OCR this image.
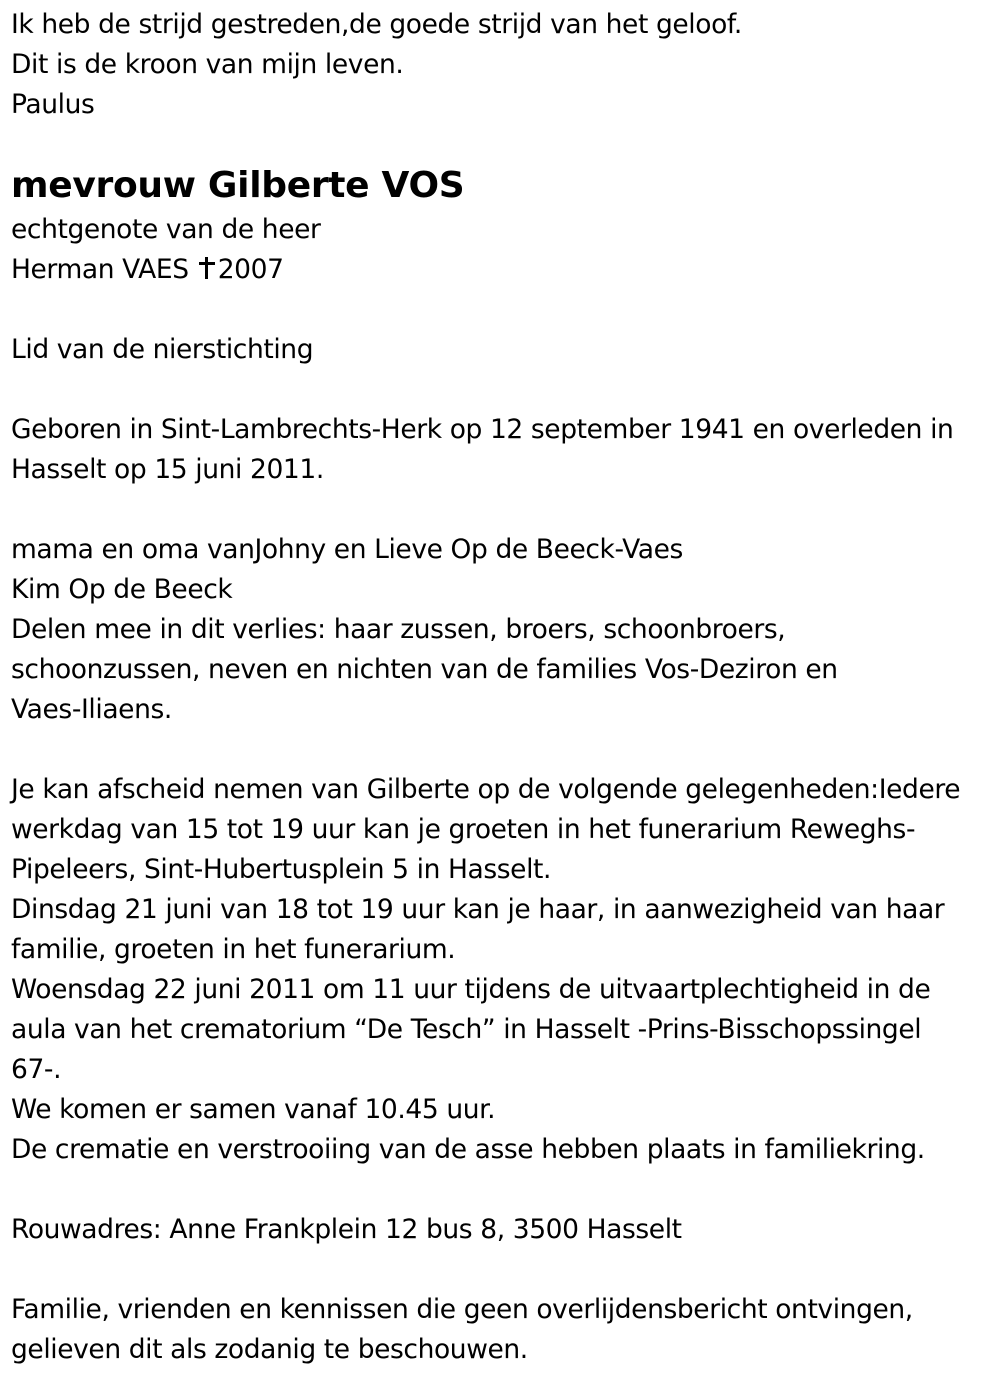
Ik heb de strijd gestreden,de goede strijd van het geloof.
Dit is de kroon van mijn leven.
Paulus
mevrouw Gilberte VOS
echtgenote van de heer
Herman VAES 2007
Lid van de nierstichting
Geboren in Sint-Lambrechts-Herk op 12 september 1941 en overleden in
Hasselt op 15 juni 2011.
mama en oma vanJohny en Lieve Op de Beeck-Vaes
Kim Op de Beeck
Delen mee in dit verlies: haar zussen, broers, schoonbroers,
schoonzussen, neven en nichten van de families Vos-Deziron en
Vaes-Iliaens.
Je kan afscheid nemen van Gilberte op de volgende gelegenheden:Iedere
werkdag van 15 tot 19 uur kan je groeten in het funerarium Reweghs-
Pipeleers, Sint-Hubertusplein 5 in Hasselt.
Dinsdag 21 juni van 18 tot 19 uur kan je haar, in aanwezigheid van haar
familie, groeten in het funerarium.
Woensdag 22 juni 2011 om 11 uur tijdens de uitvaartplechtigheid in de
aula van het crematorium “De Tesch” in Hasselt -Prins-Bisschopssingel
67-.
We komen er samen vanaf 10.45 uur.
De crematie en verstrooiing van de asse hebben plaats in familiekring.
Rouwadres: Anne Frankplein 12 bus 8, 3500 Hasselt
Familie, vrienden en kennissen die geen overlijdensbericht ontvingen,
gelieven dit als zodanig te beschouwen.
